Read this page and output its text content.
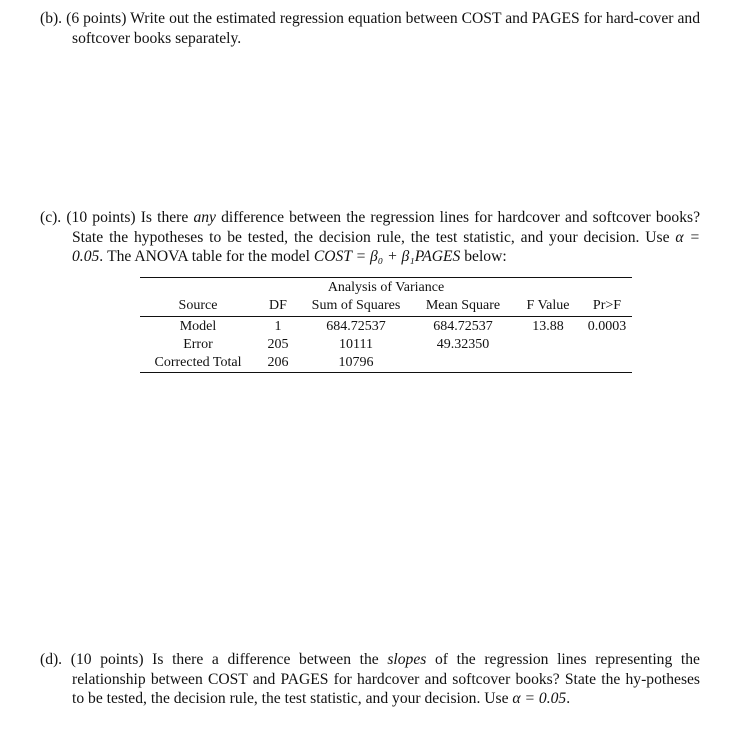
(b). (6 points) Write out the estimated regression equation between COST and PAGES for hard-cover and softcover books separately.
(c). (10 points) Is there any difference between the regression lines for hardcover and softcover books? State the hypotheses to be tested, the decision rule, the test statistic, and your decision. Use α = 0.05. The ANOVA table for the model COST = β₀ + β₁PAGES below:
Analysis of Variance
Source	DF	Sum of Squares	Mean Square	F Value	Pr>F

Model	1	684.72537	684.72537	13.88	0.0003
Error	205	10111	49.32350		
Corrected Total	206	10796			
(d). (10 points) Is there a difference between the slopes of the regression lines representing the relationship between COST and PAGES for hardcover and softcover books? State the hy-potheses to be tested, the decision rule, the test statistic, and your decision. Use α = 0.05.
